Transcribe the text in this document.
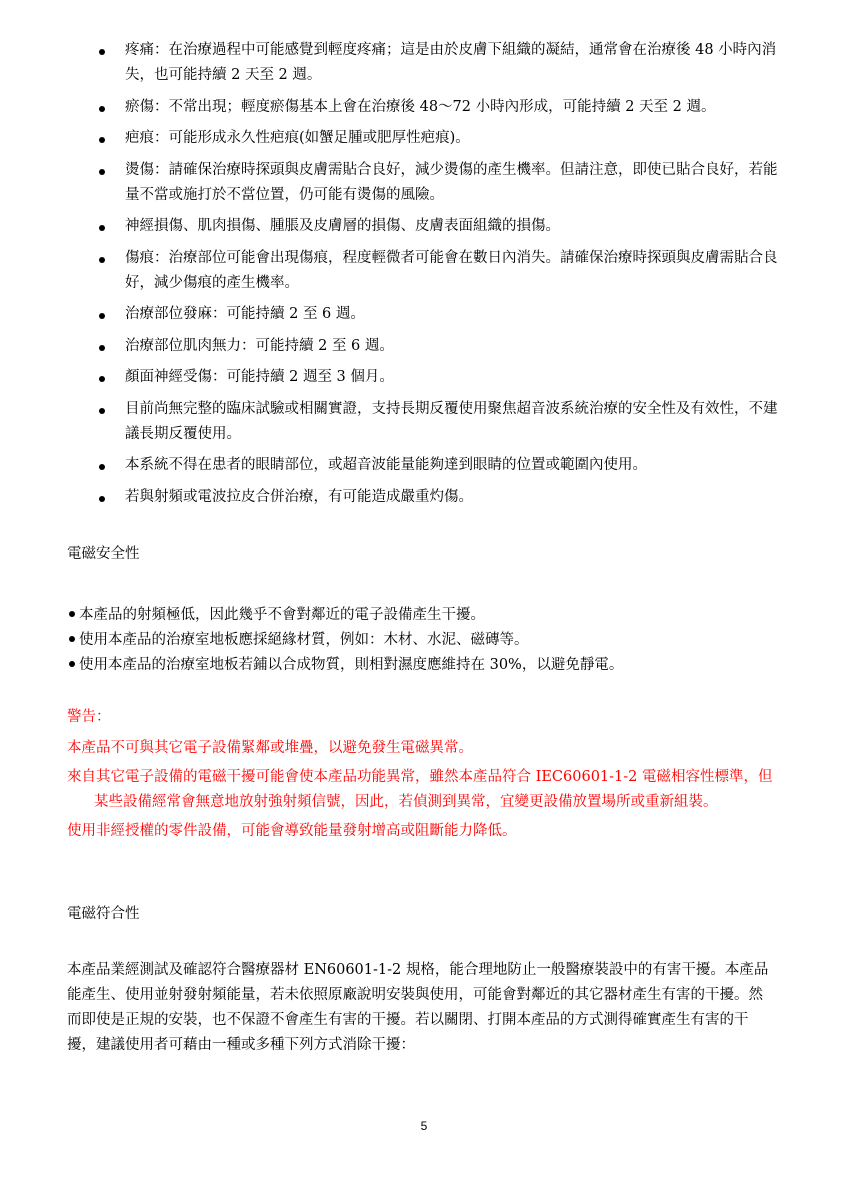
疼痛：在治療過程中可能感覺到輕度疼痛；這是由於皮膚下組織的凝結，通常會在治療後 48 小時內消失，也可能持續 2 天至 2 週。
瘀傷：不常出現；輕度瘀傷基本上會在治療後 48～72 小時內形成，可能持續 2 天至 2 週。
疤痕：可能形成永久性疤痕(如蟹足腫或肥厚性疤痕)。
燙傷：請確保治療時探頭與皮膚需貼合良好，減少燙傷的產生機率。但請注意，即使已貼合良好，若能量不當或施打於不當位置，仍可能有燙傷的風險。
神經損傷、肌肉損傷、腫脹及皮膚層的損傷、皮膚表面組織的損傷。
傷痕：治療部位可能會出現傷痕，程度輕微者可能會在數日內消失。請確保治療時探頭與皮膚需貼合良好，減少傷痕的產生機率。
治療部位發麻：可能持續 2 至 6 週。
治療部位肌肉無力：可能持續 2 至 6 週。
顏面神經受傷：可能持續 2 週至 3 個月。
目前尚無完整的臨床試驗或相關實證，支持長期反覆使用聚焦超音波系統治療的安全性及有效性，不建議長期反覆使用。
本系統不得在患者的眼睛部位，或超音波能量能夠達到眼睛的位置或範圍內使用。
若與射頻或電波拉皮合併治療，有可能造成嚴重灼傷。
電磁安全性
本產品的射頻極低，因此幾乎不會對鄰近的電子設備產生干擾。
使用本產品的治療室地板應採絕緣材質，例如：木材、水泥、磁磚等。
使用本產品的治療室地板若鋪以合成物質，則相對濕度應維持在 30%，以避免靜電。
警告：
本產品不可與其它電子設備緊鄰或堆疊，以避免發生電磁異常。
來自其它電子設備的電磁干擾可能會使本產品功能異常，雖然本產品符合 IEC60601-1-2 電磁相容性標準，但某些設備經常會無意地放射強射頻信號，因此，若偵測到異常，宜變更設備放置場所或重新組裝。
使用非經授權的零件設備，可能會導致能量發射增高或阻斷能力降低。
電磁符合性

本產品業經測試及確認符合醫療器材 EN60601-1-2 規格，能合理地防止一般醫療裝設中的有害干擾。本產品能產生、使用並射發射頻能量，若未依照原廠說明安裝與使用，可能會對鄰近的其它器材產生有害的干擾。然而即使是正規的安裝，也不保證不會產生有害的干擾。若以關閉、打開本產品的方式測得確實產生有害的干擾，建議使用者可藉由一種或多種下列方式消除干擾：

5
